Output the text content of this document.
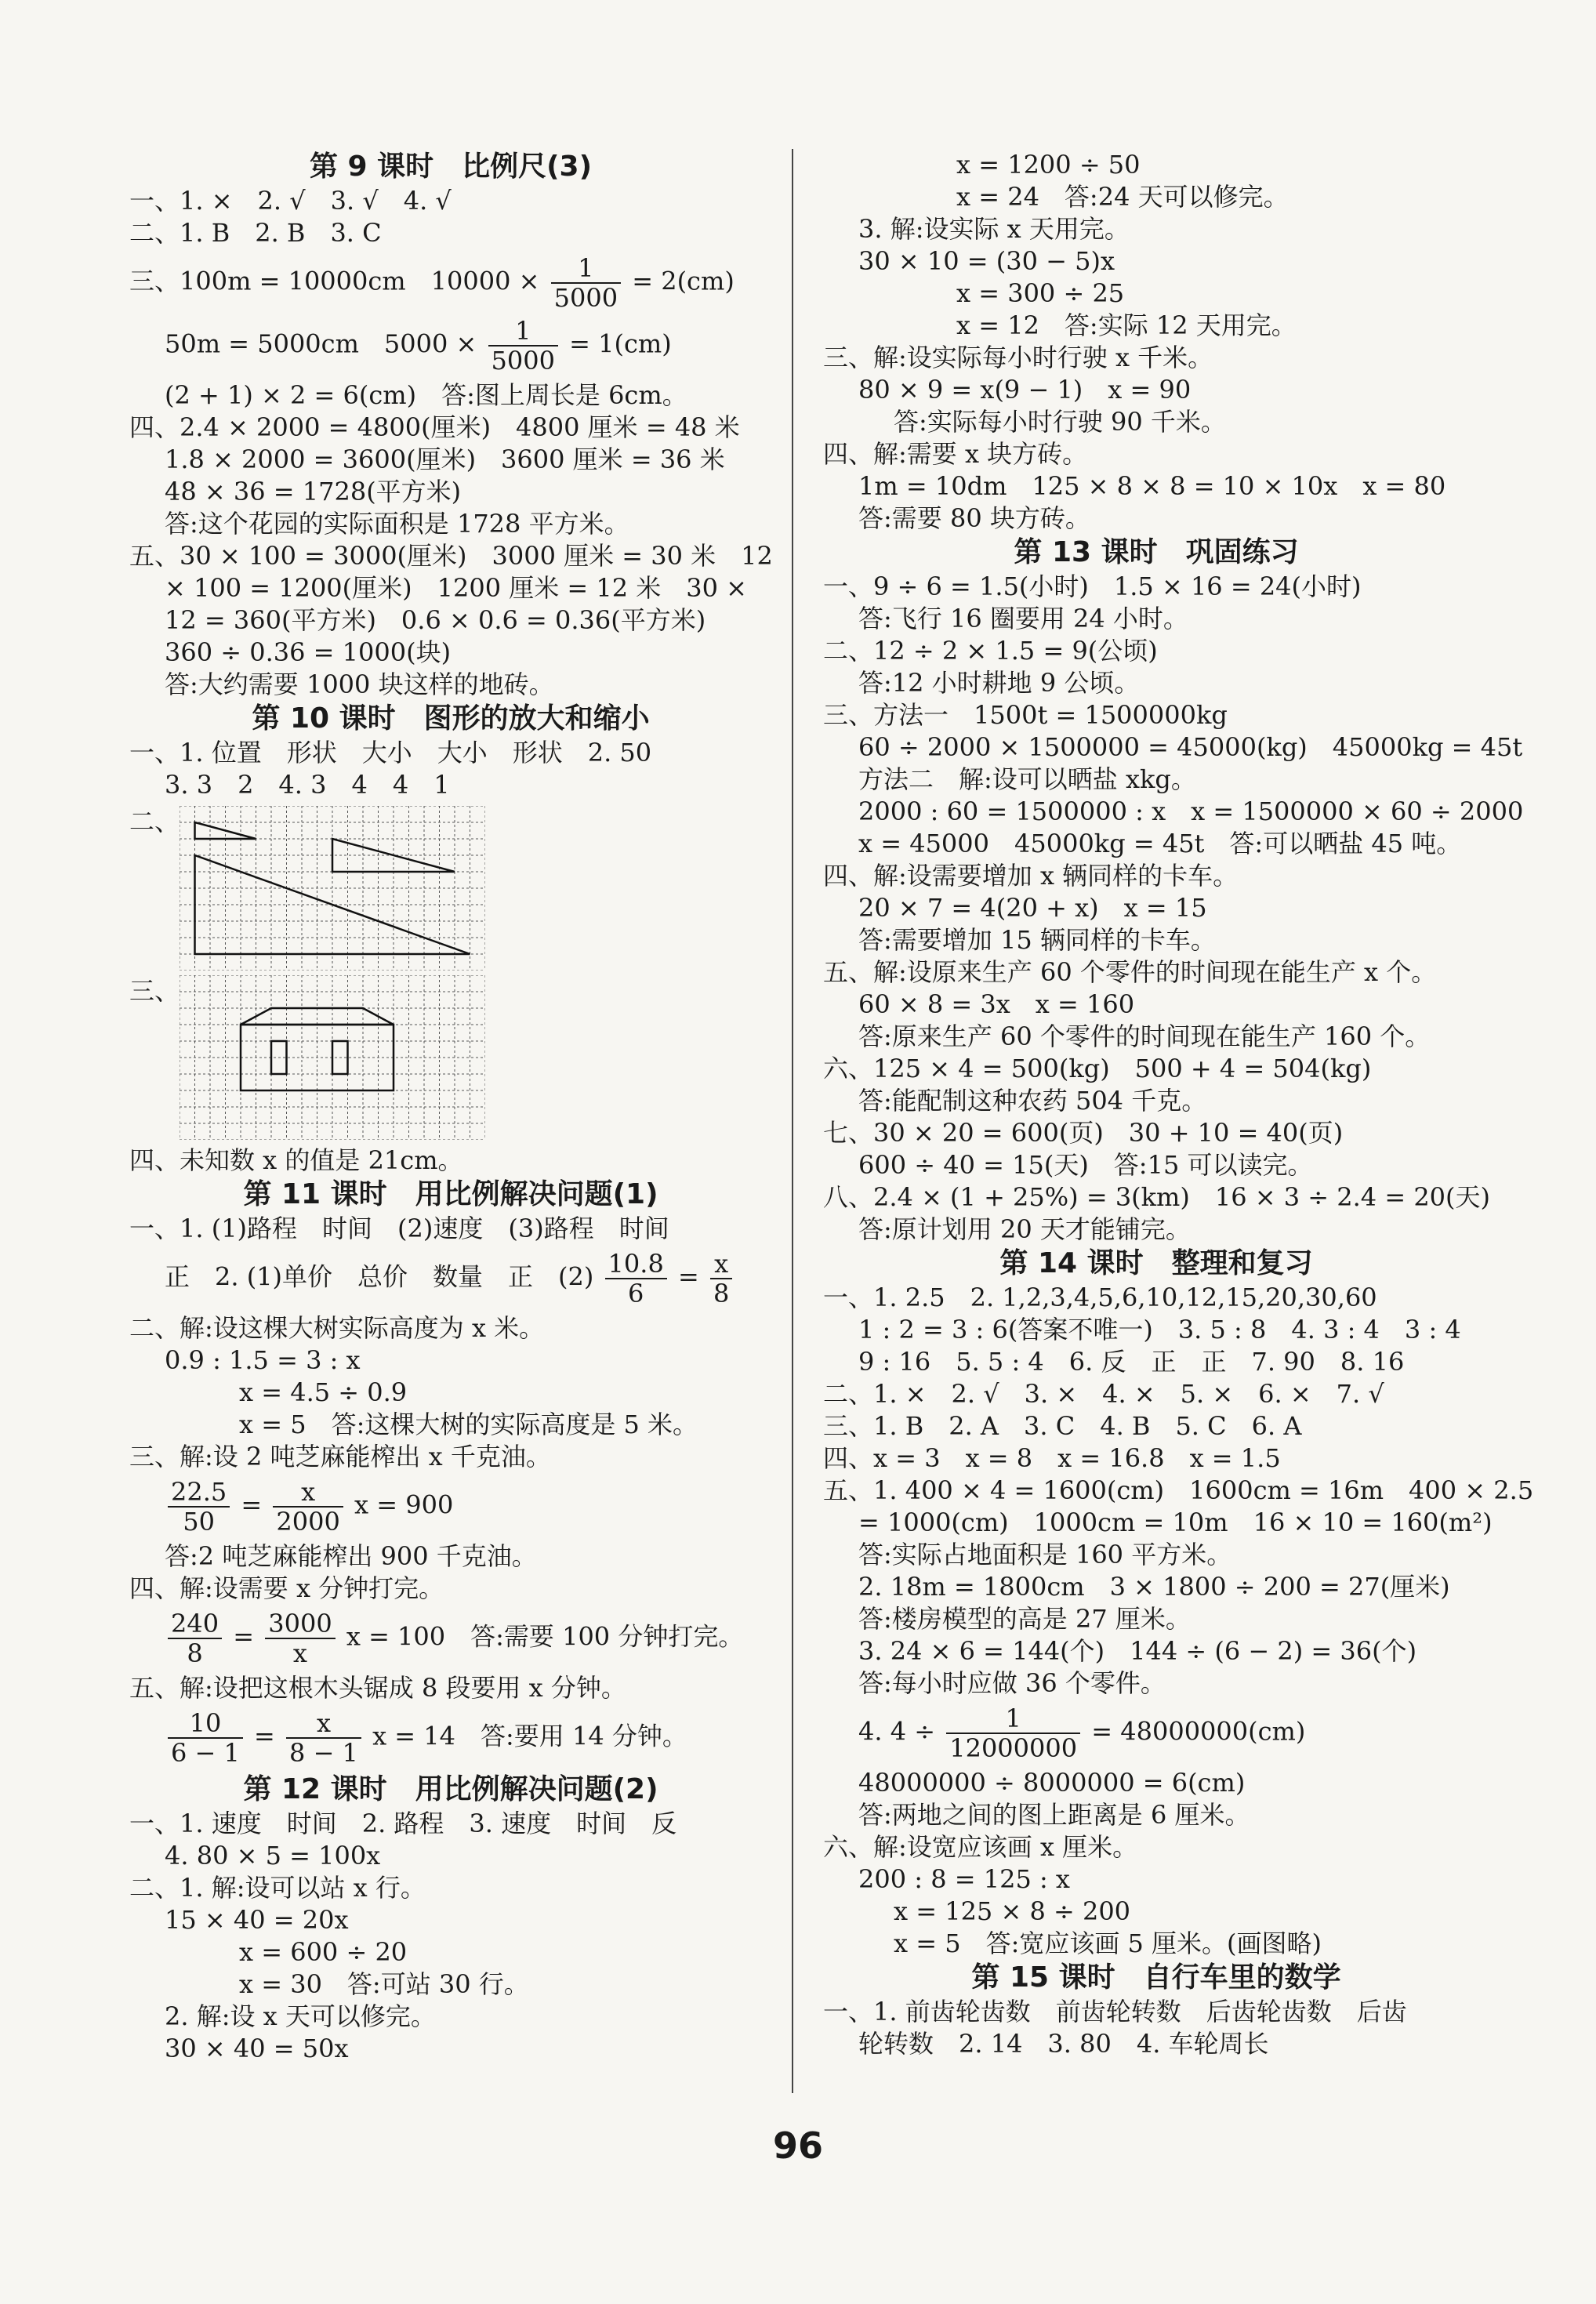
第 9 课时　比例尺(3)
一、1. ×　2. √　3. √　4. √
二、1. B　2. B　3. C
三、100m = 10000cm　$10000 \times \frac{1}{5000} = 2(cm)$
50m = 5000cm　$5000 \times \frac{1}{5000} = 1(cm)$
(2 + 1) × 2 = 6(cm)　答:图上周长是 6cm。
四、2.4 × 2000 = 4800(厘米)　4800 厘米 = 48 米
1.8 × 2000 = 3600(厘米)　3600 厘米 = 36 米
48 × 36 = 1728(平方米)
答:这个花园的实际面积是 1728 平方米。
五、30 × 100 = 3000(厘米)　3000 厘米 = 30 米　12
× 100 = 1200(厘米)　1200 厘米 = 12 米　30 ×
12 = 360(平方米)　0.6 × 0.6 = 0.36(平方米)
360 ÷ 0.36 = 1000(块)
答:大约需要 1000 块这样的地砖。
第 10 课时　图形的放大和缩小
一、1. 位置　形状　大小　大小　形状　2. 50
3. 3　2　4. 3　4　4　1
二、
三、
四、未知数 x 的值是 21cm。
第 11 课时　用比例解决问题(1)
一、1. (1)路程　时间　(2)速度　(3)路程　时间
正　2. (1)单价　总价　数量　正　$(2) \frac{10.8}{6} = \frac{x}{8}$
二、解:设这棵大树实际高度为 x 米。
0.9 : 1.5 = 3 : x
x = 4.5 ÷ 0.9
x = 5　答:这棵大树的实际高度是 5 米。
三、解:设 2 吨芝麻能榨出 x 千克油。
$\frac{22.5}{50} = \frac{x}{2000}$ x = 900
答:2 吨芝麻能榨出 900 千克油。
四、解:设需要 x 分钟打完。
$\frac{240}{8} = \frac{3000}{x}$ x = 100　答:需要 100 分钟打完。
五、解:设把这根木头锯成 8 段要用 x 分钟。
$\frac{10}{6 - 1} = \frac{x}{8 - 1}$ x = 14　答:要用 14 分钟。
第 12 课时　用比例解决问题(2)
一、1. 速度　时间　2. 路程　3. 速度　时间　反
4. 80 × 5 = 100x
二、1. 解:设可以站 x 行。
15 × 40 = 20x
x = 600 ÷ 20
x = 30　答:可站 30 行。
2. 解:设 x 天可以修完。
30 × 40 = 50x
x = 1200 ÷ 50
x = 24　答:24 天可以修完。
3. 解:设实际 x 天用完。
30 × 10 = (30 − 5)x
x = 300 ÷ 25
x = 12　答:实际 12 天用完。
三、解:设实际每小时行驶 x 千米。
80 × 9 = x(9 − 1)　x = 90
答:实际每小时行驶 90 千米。
四、解:需要 x 块方砖。
1m = 10dm　125 × 8 × 8 = 10 × 10x　x = 80
答:需要 80 块方砖。
第 13 课时　巩固练习
一、9 ÷ 6 = 1.5(小时)　1.5 × 16 = 24(小时)
答:飞行 16 圈要用 24 小时。
二、12 ÷ 2 × 1.5 = 9(公顷)
答:12 小时耕地 9 公顷。
三、方法一　1500t = 1500000kg
60 ÷ 2000 × 1500000 = 45000(kg)　45000kg = 45t
方法二　解:设可以晒盐 xkg。
2000 : 60 = 1500000 : x　x = 1500000 × 60 ÷ 2000
x = 45000　45000kg = 45t　答:可以晒盐 45 吨。
四、解:设需要增加 x 辆同样的卡车。
20 × 7 = 4(20 + x)　x = 15
答:需要增加 15 辆同样的卡车。
五、解:设原来生产 60 个零件的时间现在能生产 x 个。
60 × 8 = 3x　x = 160
答:原来生产 60 个零件的时间现在能生产 160 个。
六、125 × 4 = 500(kg)　500 + 4 = 504(kg)
答:能配制这种农药 504 千克。
七、30 × 20 = 600(页)　30 + 10 = 40(页)
600 ÷ 40 = 15(天)　答:15 可以读完。
八、2.4 × (1 + 25%) = 3(km)　16 × 3 ÷ 2.4 = 20(天)
答:原计划用 20 天才能铺完。
第 14 课时　整理和复习
一、1. 2.5　2. 1,2,3,4,5,6,10,12,15,20,30,60
1 : 2 = 3 : 6(答案不唯一)　3. 5 : 8　4. 3 : 4　3 : 4
9 : 16　5. 5 : 4　6. 反　正　正　7. 90　8. 16
二、1. ×　2. √　3. ×　4. ×　5. ×　6. ×　7. √
三、1. B　2. A　3. C　4. B　5. C　6. A
四、x = 3　x = 8　x = 16.8　x = 1.5
五、1. 400 × 4 = 1600(cm)　1600cm = 16m　400 × 2.5
= 1000(cm)　1000cm = 10m　16 × 10 = 160(m²)
答:实际占地面积是 160 平方米。
2. 18m = 1800cm　3 × 1800 ÷ 200 = 27(厘米)
答:楼房模型的高是 27 厘米。
3. 24 × 6 = 144(个)　144 ÷ (6 − 2) = 36(个)
答:每小时应做 36 个零件。
4. $4 \div \frac{1}{12000000} = 48000000(cm)$
48000000 ÷ 8000000 = 6(cm)
答:两地之间的图上距离是 6 厘米。
六、解:设宽应该画 x 厘米。
200 : 8 = 125 : x
x = 125 × 8 ÷ 200
x = 5　答:宽应该画 5 厘米。(画图略)
第 15 课时　自行车里的数学
一、1. 前齿轮齿数　前齿轮转数　后齿轮齿数　后齿
轮转数　2. 14　3. 80　4. 车轮周长
96
